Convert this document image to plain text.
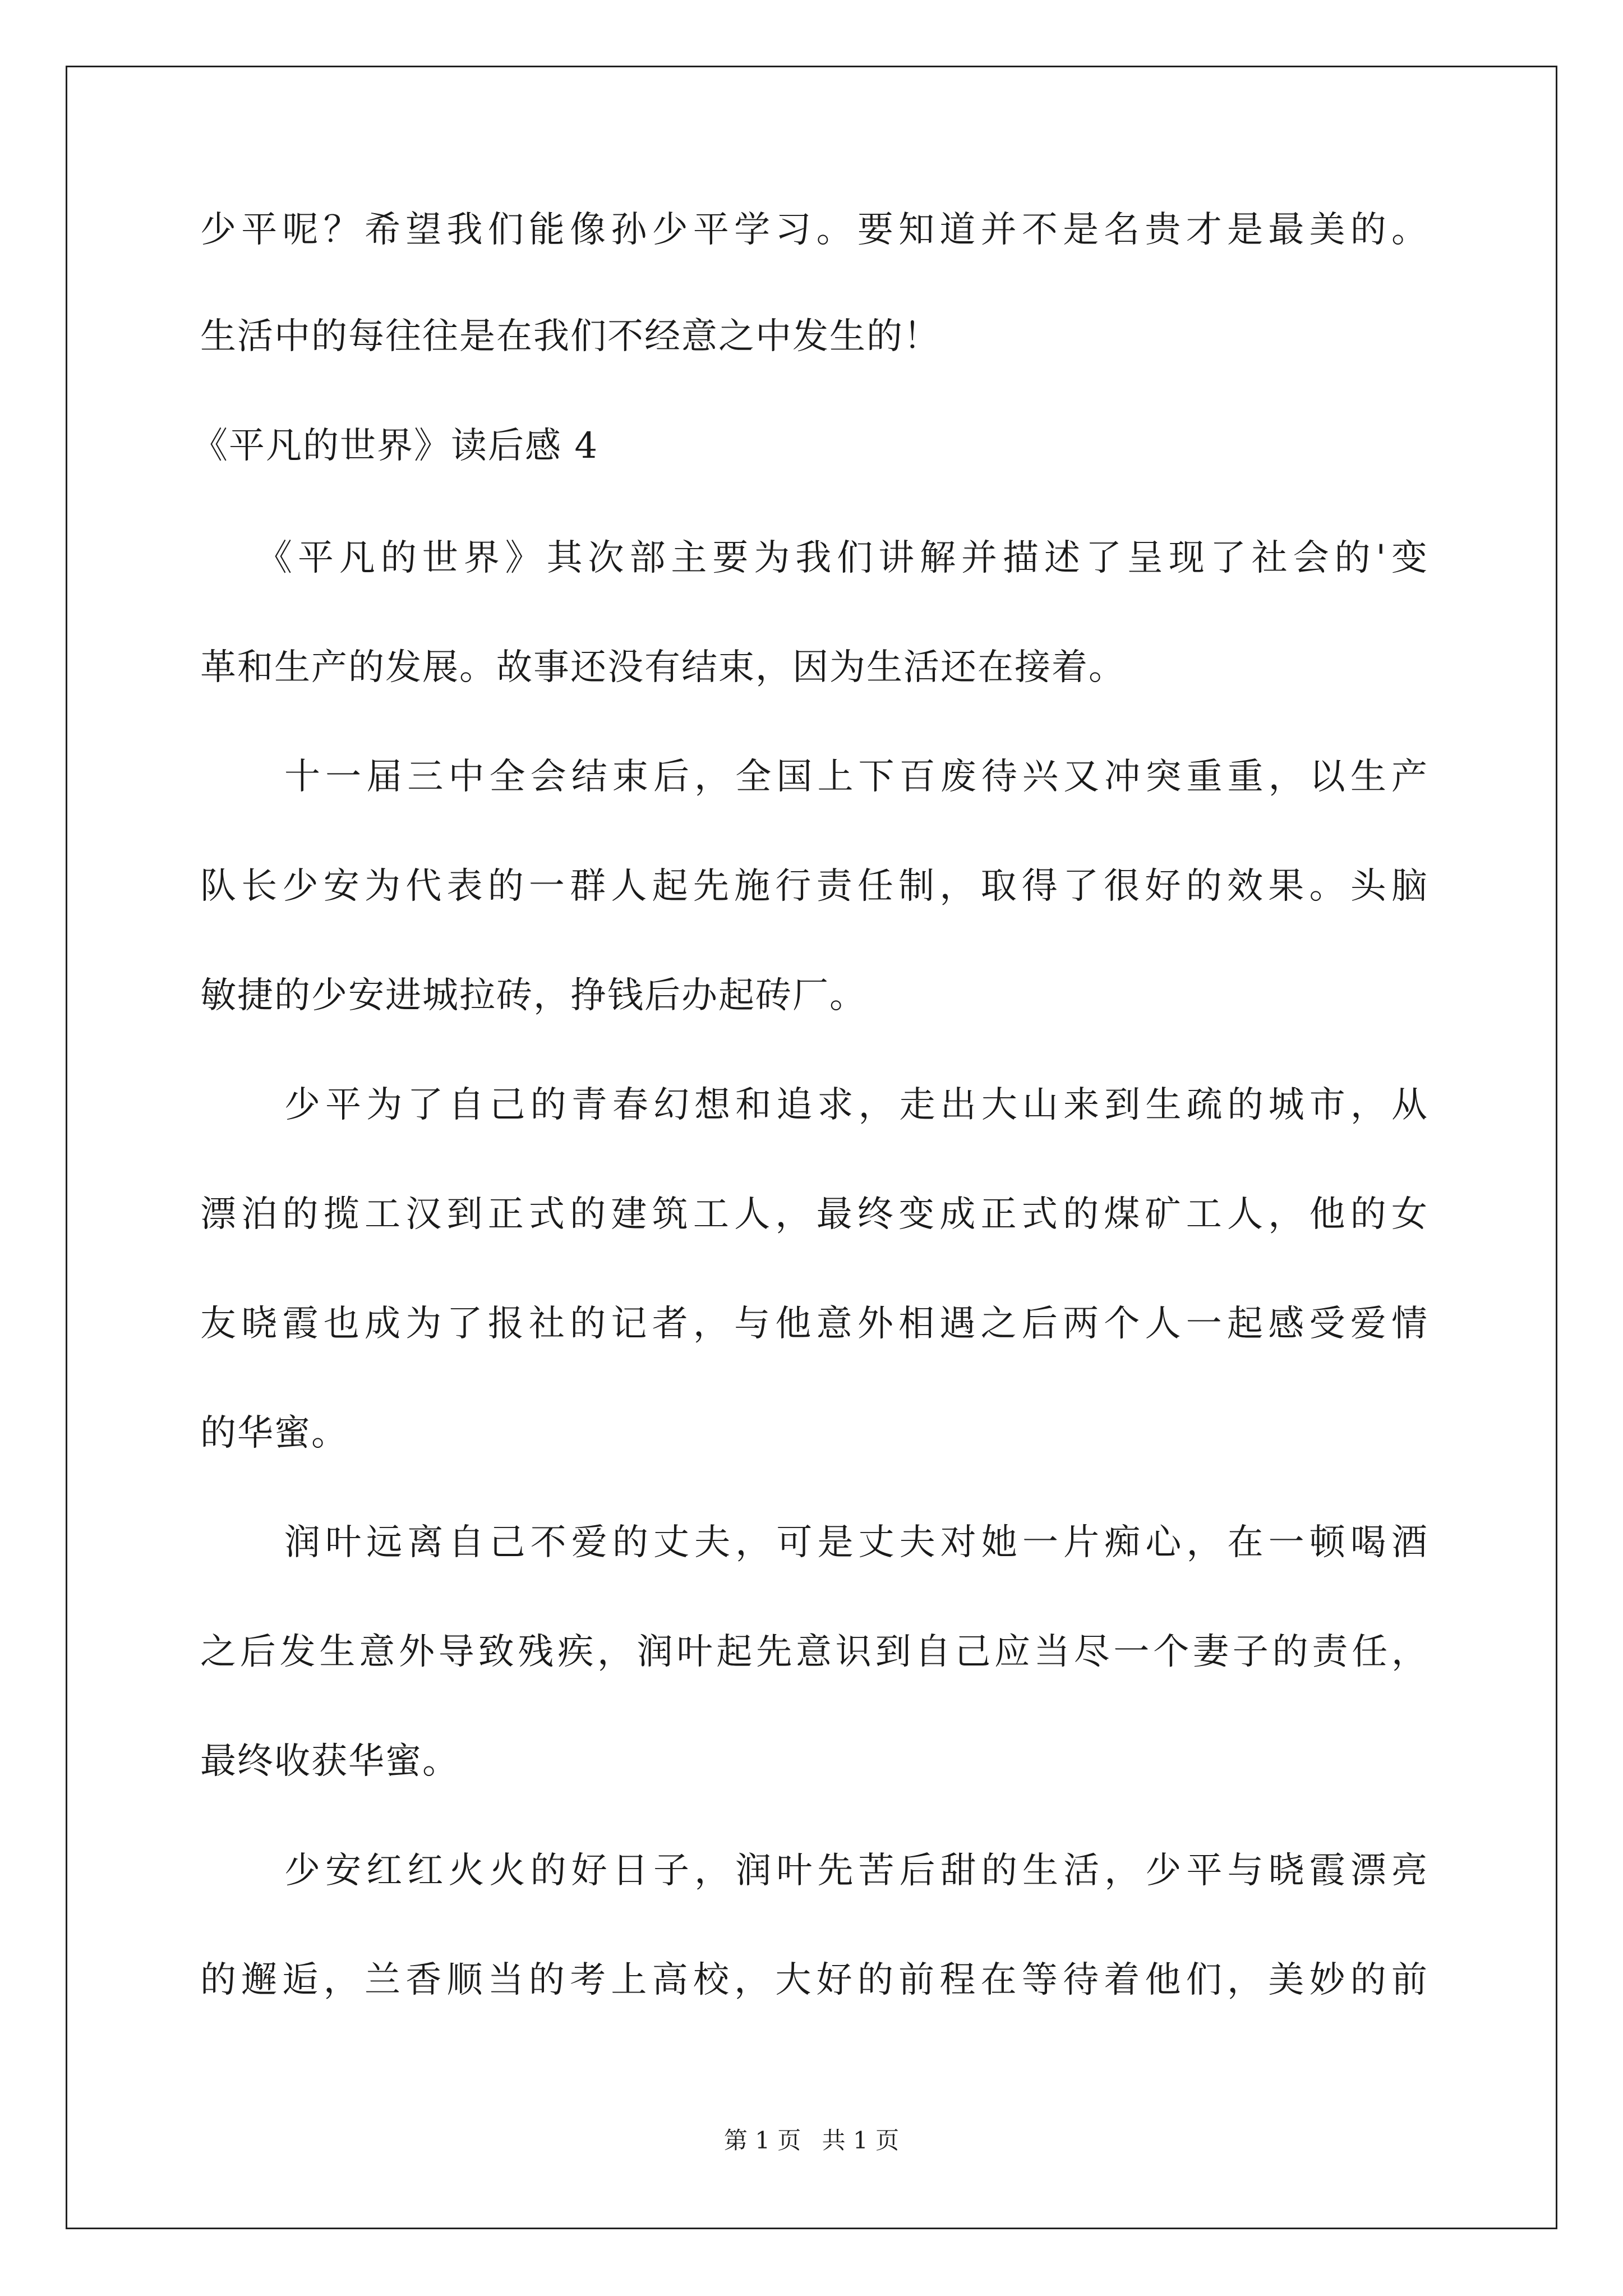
少平呢？希望我们能像孙少平学习。要知道并不是名贵才是最美的。
生活中的每往往是在我们不经意之中发生的！
《平凡的世界》读后感 4
《平凡的世界》其次部主要为我们讲解并描述了呈现了社会的'变
革和生产的发展。故事还没有结束，因为生活还在接着。
十一届三中全会结束后，全国上下百废待兴又冲突重重，以生产
队长少安为代表的一群人起先施行责任制，取得了很好的效果。头脑
敏捷的少安进城拉砖，挣钱后办起砖厂。
少平为了自己的青春幻想和追求，走出大山来到生疏的城市，从
漂泊的揽工汉到正式的建筑工人，最终变成正式的煤矿工人，他的女
友晓霞也成为了报社的记者，与他意外相遇之后两个人一起感受爱情
的华蜜。
润叶远离自己不爱的丈夫，可是丈夫对她一片痴心，在一顿喝酒
之后发生意外导致残疾，润叶起先意识到自己应当尽一个妻子的责任，
最终收获华蜜。
少安红红火火的好日子，润叶先苦后甜的生活，少平与晓霞漂亮
的邂逅，兰香顺当的考上高校，大好的前程在等待着他们，美妙的前
第 1 页 共 1 页
